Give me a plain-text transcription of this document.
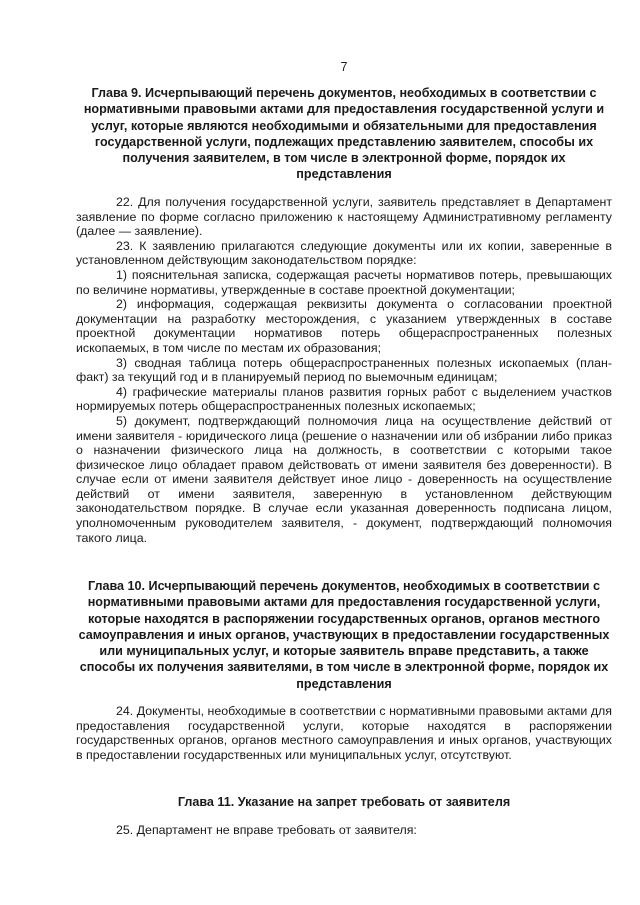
7

Глава 9. Исчерпывающий перечень документов, необходимых в соответствии с нормативными правовыми актами для предоставления государственной услуги и услуг, которые являются необходимыми и обязательными для предоставления государственной услуги, подлежащих представлению заявителем, способы их получения заявителем, в том числе в электронной форме, порядок их представления

22. Для получения государственной услуги, заявитель представляет в Департамент заявление по форме согласно приложению к настоящему Административному регламенту (далее — заявление).

23. К заявлению прилагаются следующие документы или их копии, заверенные в установленном действующим законодательством порядке:

1) пояснительная записка, содержащая расчеты нормативов потерь, превышающих по величине нормативы, утвержденные в составе проектной документации;

2) информация, содержащая реквизиты документа о согласовании проектной документации на разработку месторождения, с указанием утвержденных в составе проектной документации нормативов потерь общераспространенных полезных ископаемых, в том числе по местам их образования;

3) сводная таблица потерь общераспространенных полезных ископаемых (план-факт) за текущий год и в планируемый период по выемочным единицам;

4) графические материалы планов развития горных работ с выделением участков нормируемых потерь общераспространенных полезных ископаемых;

5) документ, подтверждающий полномочия лица на осуществление действий от имени заявителя - юридического лица (решение о назначении или об избрании либо приказ о назначении физического лица на должность, в соответствии с которыми такое физическое лицо обладает правом действовать от имени заявителя без доверенности). В случае если от имени заявителя действует иное лицо - доверенность на осуществление действий от имени заявителя, заверенную в установленном действующим законодательством порядке. В случае если указанная доверенность подписана лицом, уполномоченным руководителем заявителя, - документ, подтверждающий полномочия такого лица.

Глава 10. Исчерпывающий перечень документов, необходимых в соответствии с нормативными правовыми актами для предоставления государственной услуги, которые находятся в распоряжении государственных органов, органов местного самоуправления и иных органов, участвующих в предоставлении государственных или муниципальных услуг, и которые заявитель вправе представить, а также способы их получения заявителями, в том числе в электронной форме, порядок их представления

24. Документы, необходимые в соответствии с нормативными правовыми актами для предоставления государственной услуги, которые находятся в распоряжении государственных органов, органов местного самоуправления и иных органов, участвующих в предоставлении государственных или муниципальных услуг, отсутствуют.

Глава 11. Указание на запрет требовать от заявителя

25. Департамент не вправе требовать от заявителя:
